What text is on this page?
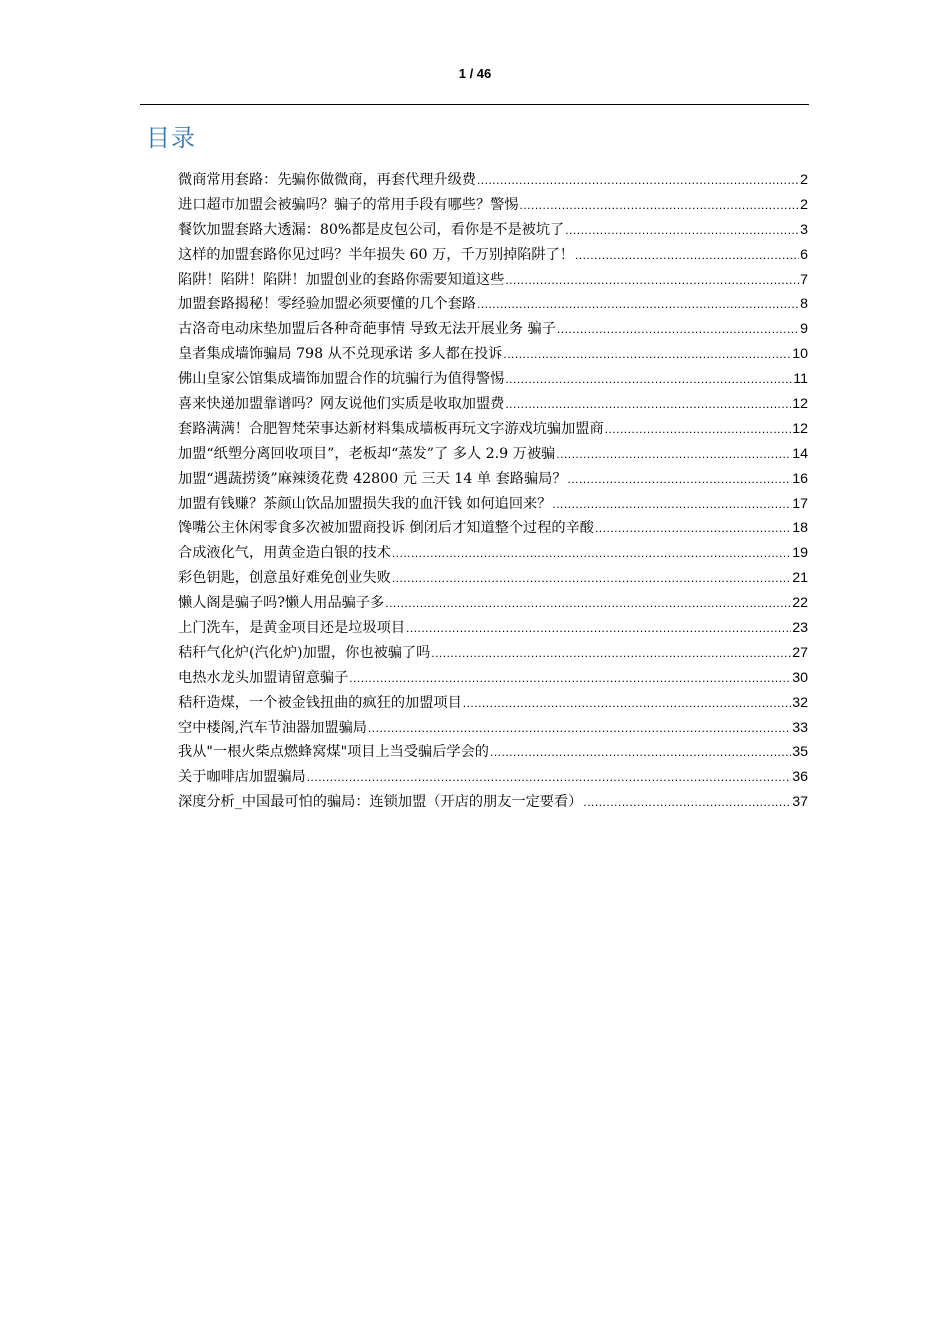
1 / 46
目录
微商常用套路：先骗你做微商，再套代理升级费 .....	2
进口超市加盟会被骗吗？骗子的常用手段有哪些？警惕 .....	2
餐饮加盟套路大透漏：80%都是皮包公司，看你是不是被坑了 .....	3
这样的加盟套路你见过吗？半年损失 60 万，千万别掉陷阱了！ .....	6
陷阱！陷阱！陷阱！加盟创业的套路你需要知道这些 .....	7
加盟套路揭秘！零经验加盟必须要懂的几个套路 .....	8
古洛奇电动床垫加盟后各种奇葩事情 导致无法开展业务 骗子 .....	9
皇者集成墙饰骗局 798 从不兑现承诺 多人都在投诉 .....	10
佛山皇家公馆集成墙饰加盟合作的坑骗行为值得警惕 .....	11
喜来快递加盟靠谱吗？网友说他们实质是收取加盟费 .....	12
套路满满！合肥智梵荣事达新材料集成墙板再玩文字游戏坑骗加盟商 .....	12
加盟“纸塑分离回收项目”，老板却“蒸发”了 多人 2.9 万被骗 .....	14
加盟“遇蔬捞烫”麻辣烫花费 42800 元 三天 14 单 套路骗局？ .....	16
加盟有钱赚？茶颜山饮品加盟损失我的血汗钱 如何追回来？ .....	17
馋嘴公主休闲零食多次被加盟商投诉 倒闭后才知道整个过程的辛酸 .....	18
合成液化气，用黄金造白银的技术 .....	19
彩色钥匙，创意虽好难免创业失败 .....	21
懒人阁是骗子吗?懒人用品骗子多 .....	22
上门洗车，是黄金项目还是垃圾项目 .....	23
秸秆气化炉(汽化炉)加盟，你也被骗了吗 .....	27
电热水龙头加盟请留意骗子 .....	30
秸秆造煤，一个被金钱扭曲的疯狂的加盟项目 .....	32
空中楼阁,汽车节油器加盟骗局 .....	33
我从"一根火柴点燃蜂窝煤"项目上当受骗后学会的 .....	35
关于咖啡店加盟骗局 .....	36
深度分析_中国最可怕的骗局：连锁加盟（开店的朋友一定要看） .....	37
